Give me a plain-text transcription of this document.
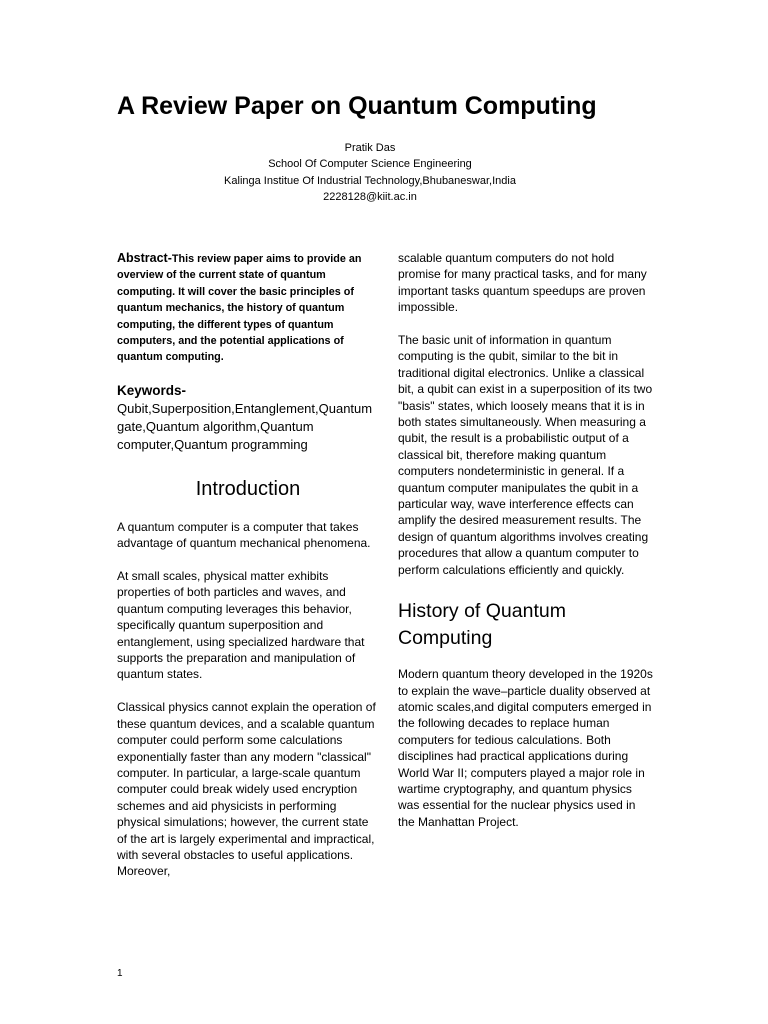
A Review Paper on Quantum Computing
Pratik Das
School Of Computer Science Engineering
Kalinga Institue Of Industrial Technology,Bhubaneswar,India
2228128@kiit.ac.in

Abstract-This review paper aims to provide an overview of the current state of quantum computing. It will cover the basic principles of quantum mechanics, the history of quantum computing, the different types of quantum computers, and the potential applications of quantum computing.

Keywords-
Qubit,Superposition,Entanglement,Quantum gate,Quantum algorithm,Quantum computer,Quantum programming
Introduction

A quantum computer is a computer that takes advantage of quantum mechanical phenomena.

At small scales, physical matter exhibits properties of both particles and waves, and quantum computing leverages this behavior, specifically quantum superposition and entanglement, using specialized hardware that supports the preparation and manipulation of quantum states.

Classical physics cannot explain the operation of these quantum devices, and a scalable quantum computer could perform some calculations exponentially faster than any modern "classical" computer. In particular, a large-scale quantum computer could break widely used encryption schemes and aid physicists in performing physical simulations; however, the current state of the art is largely experimental and impractical, with several obstacles to useful applications. Moreover,

scalable quantum computers do not hold promise for many practical tasks, and for many important tasks quantum speedups are proven impossible.

The basic unit of information in quantum computing is the qubit, similar to the bit in traditional digital electronics. Unlike a classical bit, a qubit can exist in a superposition of its two "basis" states, which loosely means that it is in both states simultaneously. When measuring a qubit, the result is a probabilistic output of a classical bit, therefore making quantum computers nondeterministic in general. If a quantum computer manipulates the qubit in a particular way, wave interference effects can amplify the desired measurement results. The design of quantum algorithms involves creating procedures that allow a quantum computer to perform calculations efficiently and quickly.

History of Quantum Computing

Modern quantum theory developed in the 1920s to explain the wave–particle duality observed at atomic scales,and digital computers emerged in the following decades to replace human computers for tedious calculations. Both disciplines had practical applications during World War II; computers played a major role in wartime cryptography, and quantum physics was essential for the nuclear physics used in the Manhattan Project.

1
